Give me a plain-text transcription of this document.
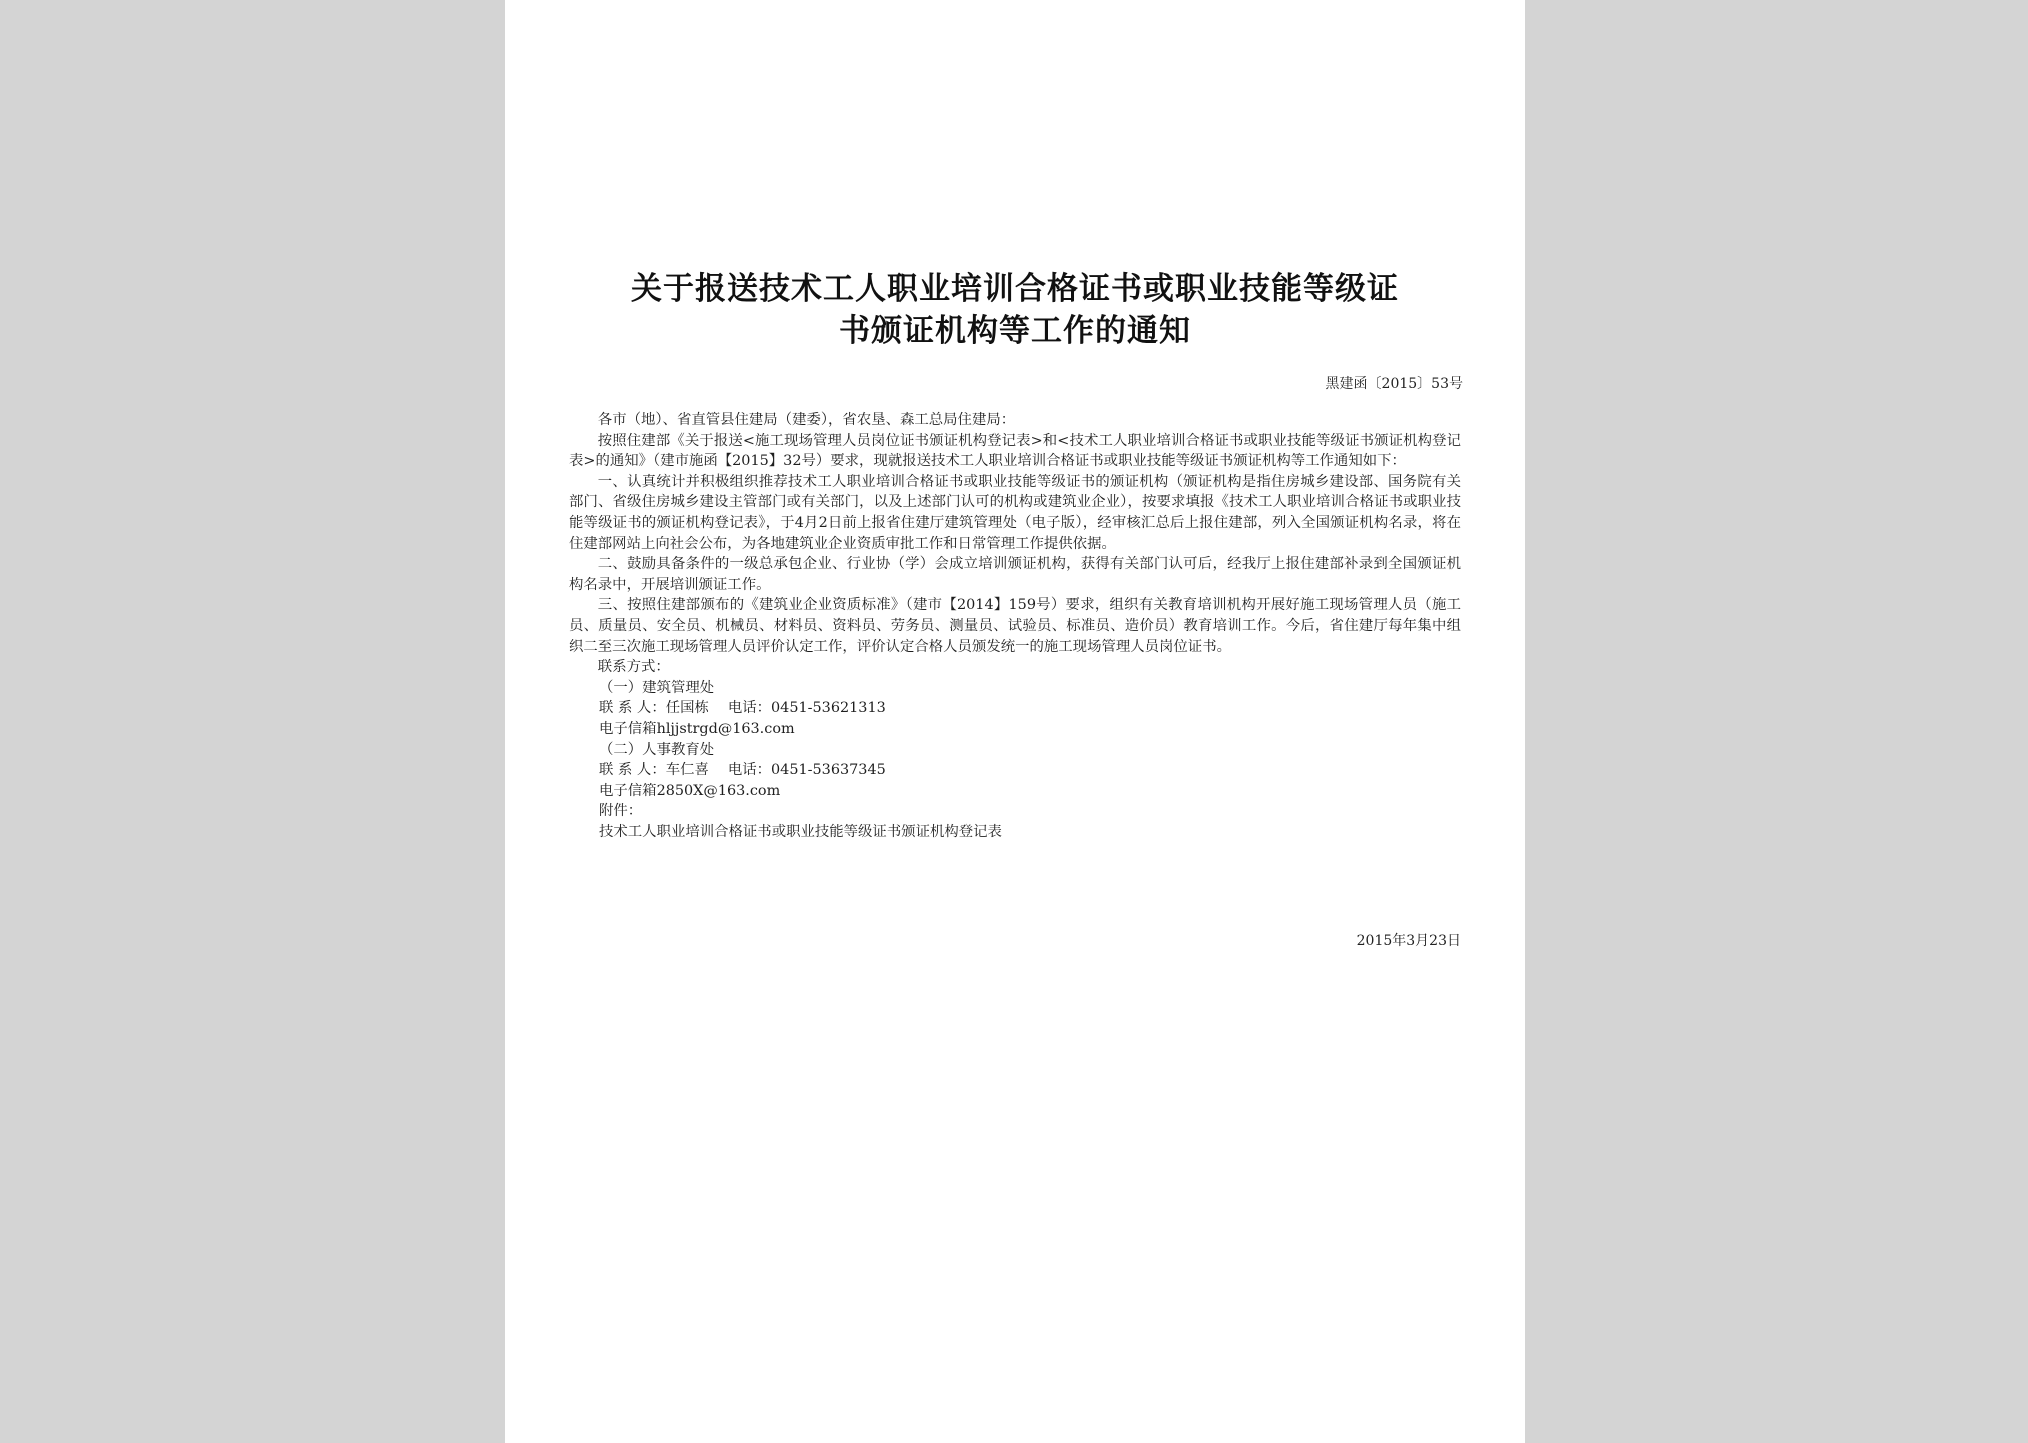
关于报送技术工人职业培训合格证书或职业技能等级证
书颁证机构等工作的通知
黑建函〔2015〕53号

各市（地）、省直管县住建局（建委），省农垦、森工总局住建局：

按照住建部《关于报送<施工现场管理人员岗位证书颁证机构登记表>和<技术工人职业培训合格证书或职业技能等级证书颁证机构登记表>的通知》（建市施函【2015】32号）要求，现就报送技术工人职业培训合格证书或职业技能等级证书颁证机构等工作通知如下：

一、认真统计并积极组织推荐技术工人职业培训合格证书或职业技能等级证书的颁证机构（颁证机构是指住房城乡建设部、国务院有关部门、省级住房城乡建设主管部门或有关部门，以及上述部门认可的机构或建筑业企业），按要求填报《技术工人职业培训合格证书或职业技能等级证书的颁证机构登记表》，于4月2日前上报省住建厅建筑管理处（电子版），经审核汇总后上报住建部，列入全国颁证机构名录，将在住建部网站上向社会公布，为各地建筑业企业资质审批工作和日常管理工作提供依据。

二、鼓励具备条件的一级总承包企业、行业协（学）会成立培训颁证机构，获得有关部门认可后，经我厅上报住建部补录到全国颁证机构名录中，开展培训颁证工作。

三、按照住建部颁布的《建筑业企业资质标准》（建市【2014】159号）要求，组织有关教育培训机构开展好施工现场管理人员（施工员、质量员、安全员、机械员、材料员、资料员、劳务员、测量员、试验员、标准员、造价员）教育培训工作。今后，省住建厅每年集中组织二至三次施工现场管理人员评价认定工作，评价认定合格人员颁发统一的施工现场管理人员岗位证书。

联系方式：

（一）建筑管理处

联 系 人：任国栋　 电话：0451-53621313

电子信箱hljjstrgd@163.com

（二）人事教育处

联 系 人：车仁喜　 电话：0451-53637345

电子信箱2850X@163.com

附件：

技术工人职业培训合格证书或职业技能等级证书颁证机构登记表

2015年3月23日
